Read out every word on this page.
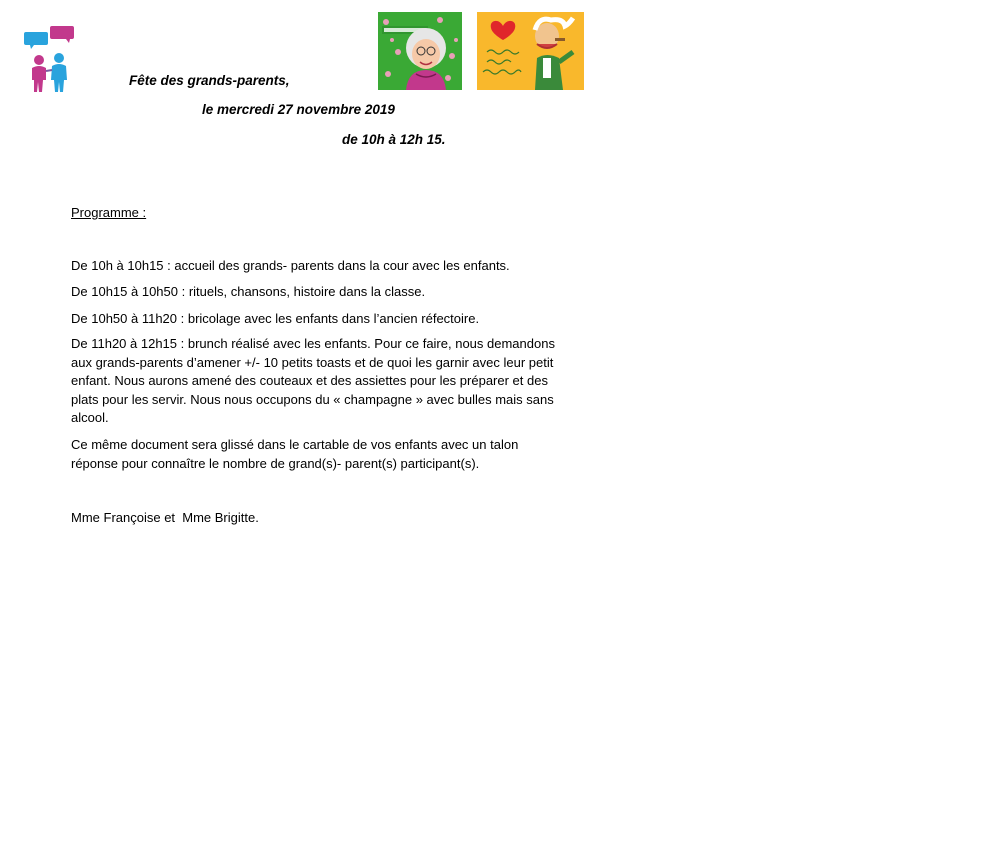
Fête des grands-parents,
le mercredi 27 novembre 2019
de 10h à 12h 15.
Programme :
De 10h à 10h15 : accueil des grands- parents dans la cour avec les enfants.
De 10h15 à 10h50 : rituels, chansons, histoire dans la classe.
De 10h50 à 11h20 : bricolage avec les enfants dans l’ancien réfectoire.
De 11h20 à 12h15 : brunch réalisé avec les enfants. Pour ce faire, nous demandons aux grands-parents d’amener +/- 10 petits toasts et de quoi les garnir avec leur petit enfant. Nous aurons amené des couteaux et des assiettes pour les préparer et des plats pour les servir. Nous nous occupons du « champagne » avec bulles mais sans alcool.
Ce même document sera glissé dans le cartable de vos enfants avec un talon réponse pour connaître le nombre de grand(s)- parent(s) participant(s).
Mme Françoise et  Mme Brigitte.
